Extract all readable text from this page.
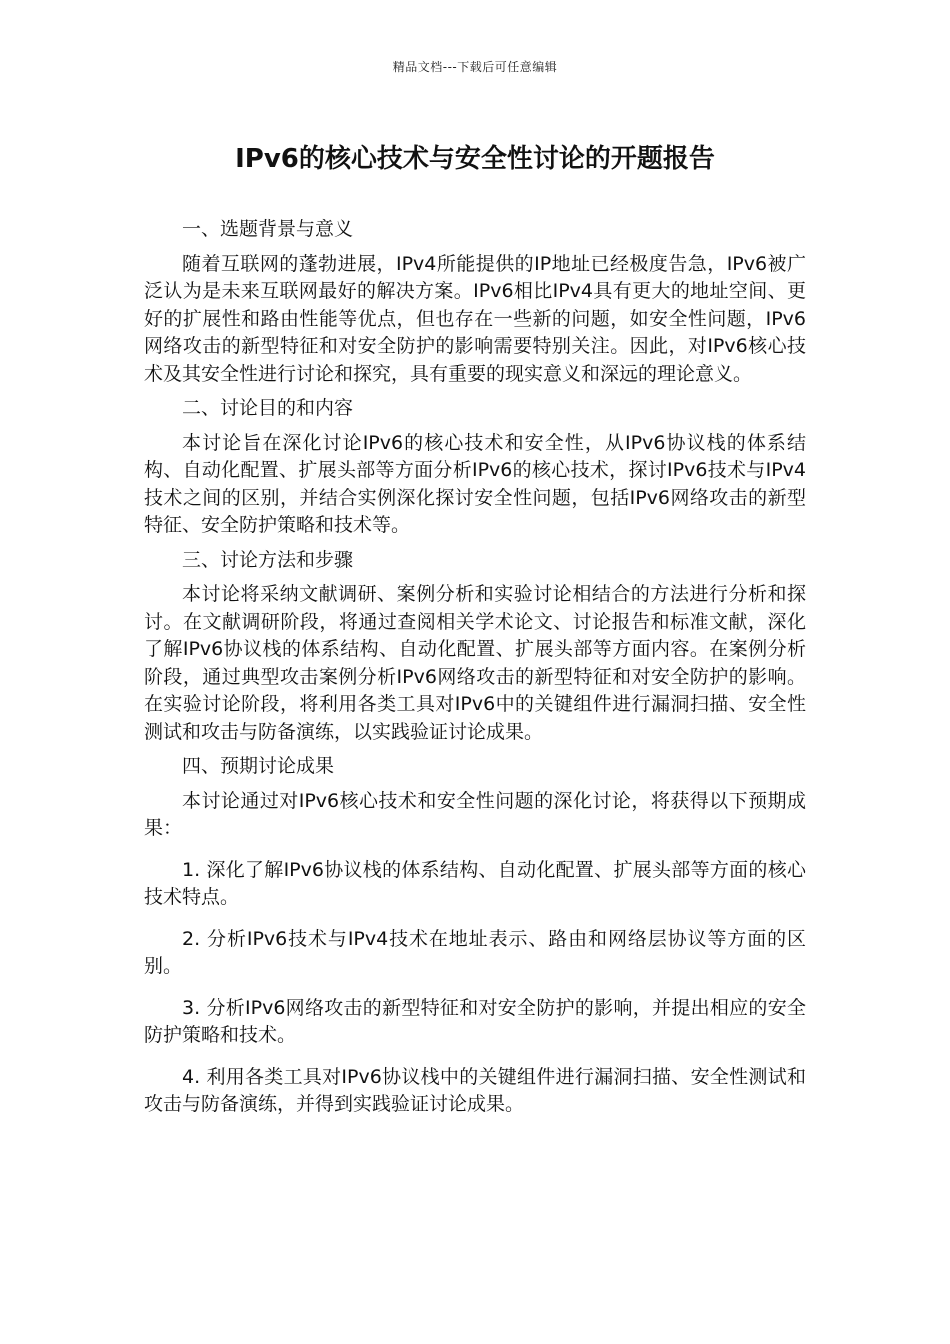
精品文档---下载后可任意编辑
IPv6的核心技术与安全性讨论的开题报告

一、选题背景与意义

随着互联网的蓬勃进展，IPv4所能提供的IP地址已经极度告急，IPv6被广泛认为是未来互联网最好的解决方案。IPv6相比IPv4具有更大的地址空间、更好的扩展性和路由性能等优点，但也存在一些新的问题，如安全性问题，IPv6网络攻击的新型特征和对安全防护的影响需要特别关注。因此，对IPv6核心技术及其安全性进行讨论和探究，具有重要的现实意义和深远的理论意义。

二、讨论目的和内容

本讨论旨在深化讨论IPv6的核心技术和安全性，从IPv6协议栈的体系结构、自动化配置、扩展头部等方面分析IPv6的核心技术，探讨IPv6技术与IPv4技术之间的区别，并结合实例深化探讨安全性问题，包括IPv6网络攻击的新型特征、安全防护策略和技术等。

三、讨论方法和步骤

本讨论将采纳文献调研、案例分析和实验讨论相结合的方法进行分析和探讨。在文献调研阶段，将通过查阅相关学术论文、讨论报告和标准文献，深化了解IPv6协议栈的体系结构、自动化配置、扩展头部等方面内容。在案例分析阶段，通过典型攻击案例分析IPv6网络攻击的新型特征和对安全防护的影响。在实验讨论阶段，将利用各类工具对IPv6中的关键组件进行漏洞扫描、安全性测试和攻击与防备演练，以实践验证讨论成果。

四、预期讨论成果

本讨论通过对IPv6核心技术和安全性问题的深化讨论，将获得以下预期成果：

1. 深化了解IPv6协议栈的体系结构、自动化配置、扩展头部等方面的核心技术特点。

2. 分析IPv6技术与IPv4技术在地址表示、路由和网络层协议等方面的区别。

3. 分析IPv6网络攻击的新型特征和对安全防护的影响，并提出相应的安全防护策略和技术。

4. 利用各类工具对IPv6协议栈中的关键组件进行漏洞扫描、安全性测试和攻击与防备演练，并得到实践验证讨论成果。
